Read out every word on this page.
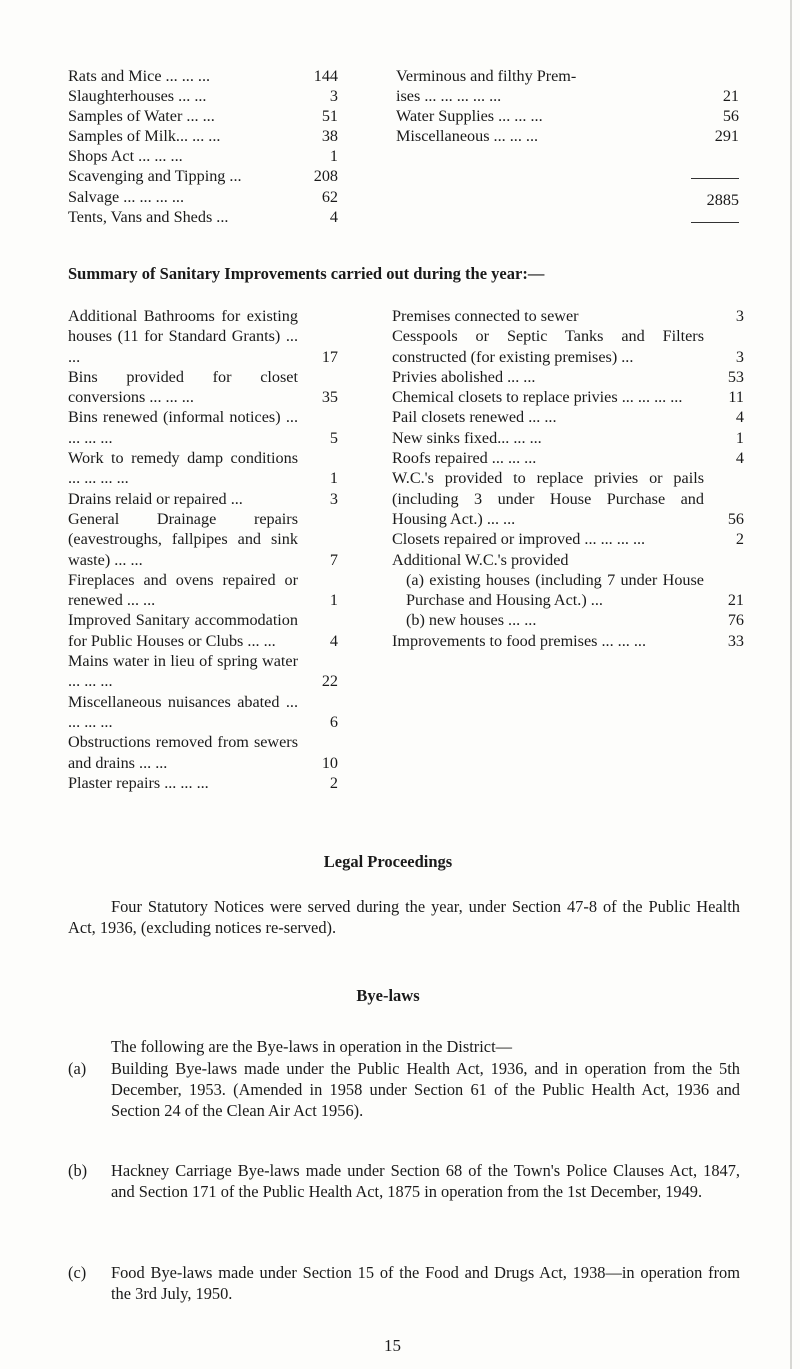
Rats and Mice ... ... ...	144
Slaughterhouses ... ...	3
Samples of Water ... ...	51
Samples of Milk... ... ...	38
Shops Act ... ... ...	1
Scavenging and Tipping ...	208
Salvage ... ... ... ...	62
Tents, Vans and Sheds ...	4
Verminous and filthy Prem-
ises ... ... ... ... ...	21
Water Supplies ... ... ...	56
Miscellaneous ... ... ...	291
2885
Summary of Sanitary Improvements carried out during the year:—
Additional Bathrooms for existing houses (11 for Standard Grants) ... ...	17
Bins provided for closet conversions ... ... ...	35
Bins renewed (informal notices) ... ... ... ...	5
Work to remedy damp conditions ... ... ... ...	1
Drains relaid or repaired ...	3
General Drainage repairs (eavestroughs, fallpipes and sink waste) ... ...	7
Fireplaces and ovens repaired or renewed ... ...	1
Improved Sanitary accommodation for Public Houses or Clubs ... ...	4
Mains water in lieu of spring water ... ... ...	22
Miscellaneous nuisances abated ... ... ... ...	6
Obstructions removed from sewers and drains ... ...	10
Plaster repairs ... ... ...	2
Premises connected to sewer	3
Cesspools or Septic Tanks and Filters constructed (for existing premises) ...	3
Privies abolished ... ...	53
Chemical closets to replace privies ... ... ... ...	11
Pail closets renewed ... ...	4
New sinks fixed... ... ...	1
Roofs repaired ... ... ...	4
W.C.'s provided to replace privies or pails (including 3 under House Purchase and Housing Act.) ... ...	56
Closets repaired or improved ... ... ... ...	2
Additional W.C.'s provided
(a) existing houses (including 7 under House Purchase and Housing Act.) ...	21
(b) new houses ... ...	76
Improvements to food premises ... ... ...	33
Legal Proceedings
Four Statutory Notices were served during the year, under Section 47-8 of the Public Health Act, 1936, (excluding notices re-served).
Bye-laws
The following are the Bye-laws in operation in the District—
(a) Building Bye-laws made under the Public Health Act, 1936, and in operation from the 5th December, 1953. (Amended in 1958 under Section 61 of the Public Health Act, 1936 and Section 24 of the Clean Air Act 1956).
(b) Hackney Carriage Bye-laws made under Section 68 of the Town's Police Clauses Act, 1847, and Section 171 of the Public Health Act, 1875 in operation from the 1st December, 1949.
(c) Food Bye-laws made under Section 15 of the Food and Drugs Act, 1938—in operation from the 3rd July, 1950.
15
